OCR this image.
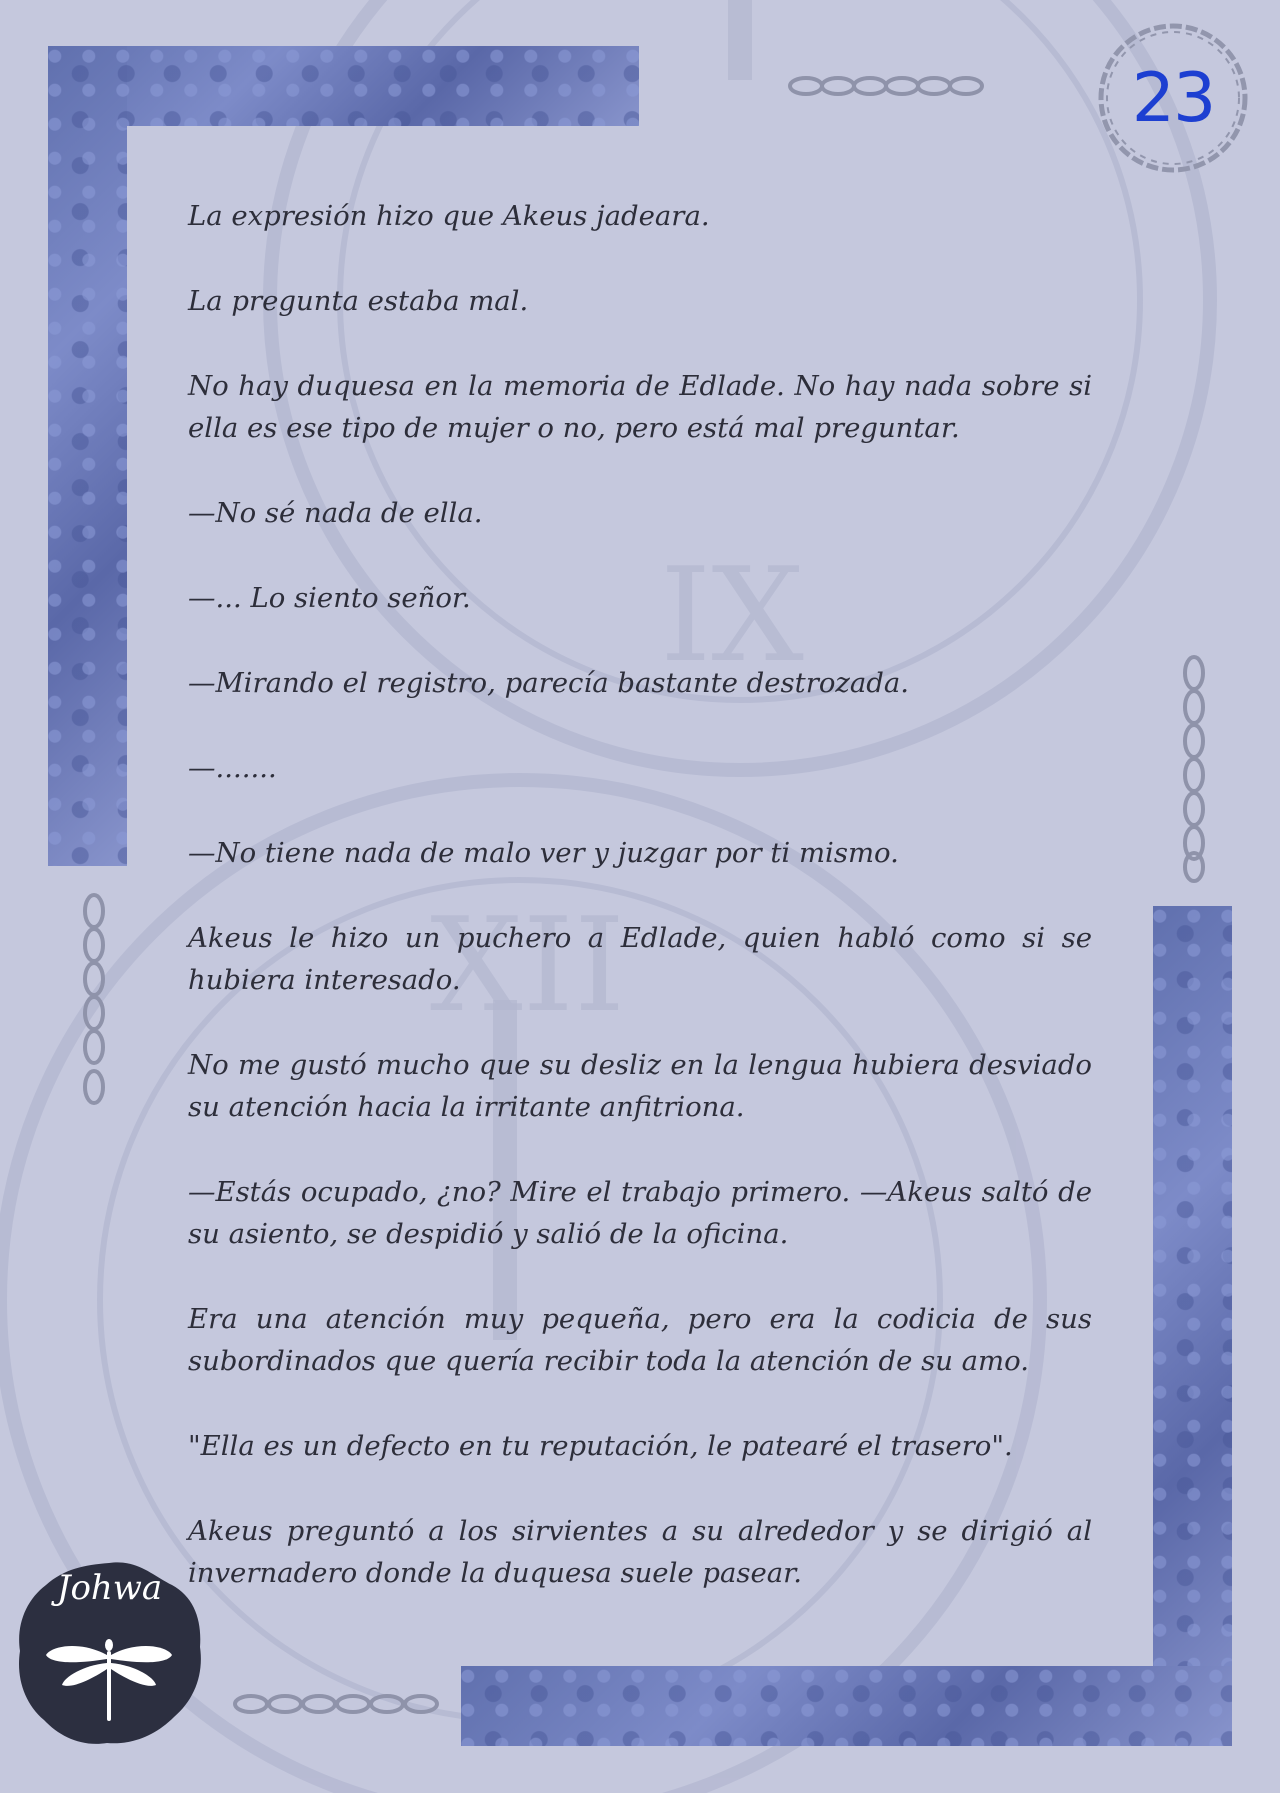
IX
XII
23

La expresión hizo que Akeus jadeara.

La pregunta estaba mal.

No hay duquesa en la memoria de Edlade. No hay nada sobre si ella es ese tipo de mujer o no, pero está mal preguntar.

—No sé nada de ella.

—... Lo siento señor.

—Mirando el registro, parecía bastante destrozada.

—.......

—No tiene nada de malo ver y juzgar por ti mismo.

Akeus le hizo un puchero a Edlade, quien habló como si se hubiera interesado.

No me gustó mucho que su desliz en la lengua hubiera desviado su atención hacia la irritante anfitriona.

—Estás ocupado, ¿no? Mire el trabajo primero. —Akeus saltó de su asiento, se despidió y salió de la oficina.

Era una atención muy pequeña, pero era la codicia de sus subordinados que quería recibir toda la atención de su amo.

"Ella es un defecto en tu reputación, le patearé el trasero".

Akeus preguntó a los sirvientes a su alrededor y se dirigió al invernadero donde la duquesa suele pasear.

Johwa
